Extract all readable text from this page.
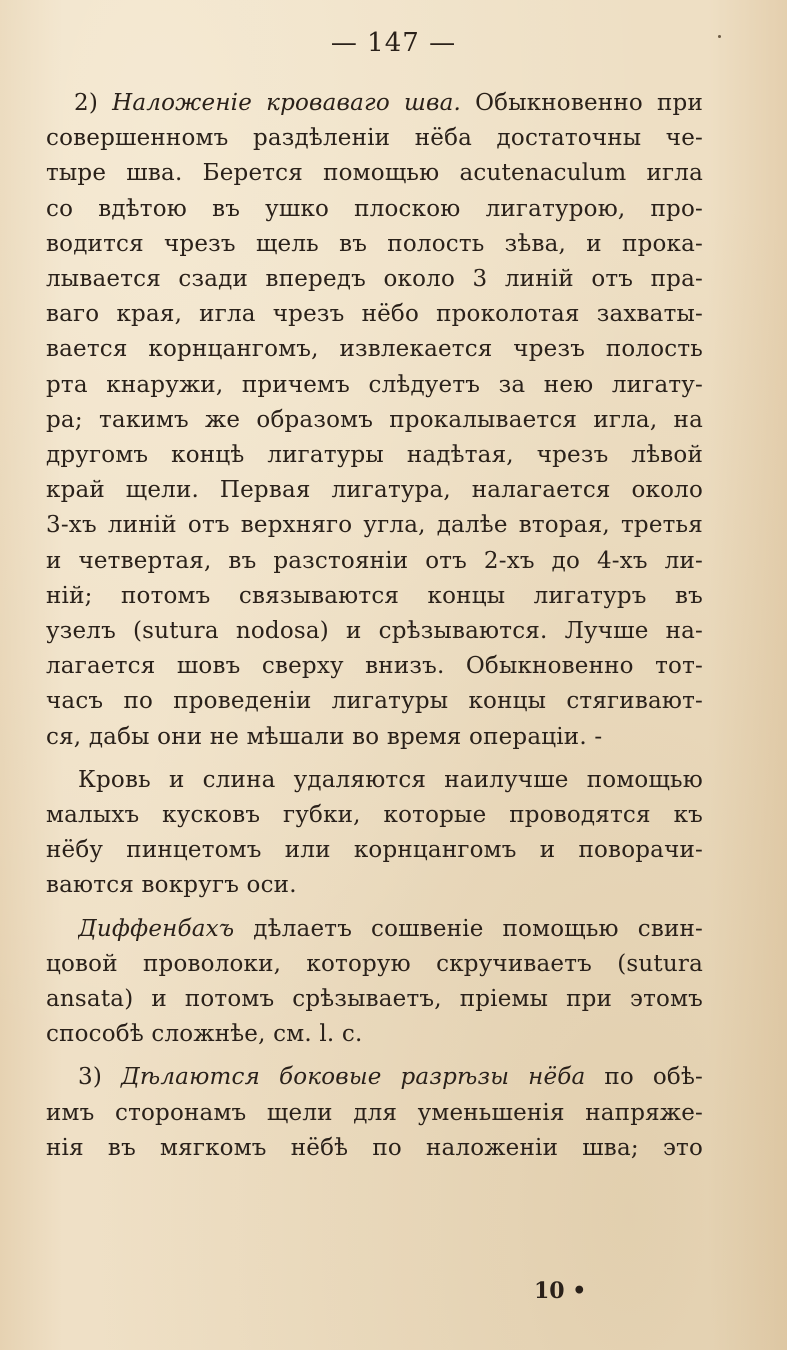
— 147 —
2) Наложенiе кровавагo шва. Обыкновенно при
совершенномъ раздѣленiи нёба достаточны че-
тыре шва. Берется помощью acutenaculum игла
со вдѣтою въ ушко плоскою лигатурою, про-
водится чрезъ щель въ полость зѣва, и прока-
лывается сзади впередъ около 3 линiй отъ пра-
ваго края, игла чрезъ нёбо проколотая захваты-
вается корнцангомъ, извлекается чрезъ полость
рта кнаружи, причемъ слѣдуетъ за нею лигату-
ра; такимъ же образомъ прокалывается игла, на
другомъ концѣ лигатуры надѣтая, чрезъ лѣвой
край щели. Первая лигатура, налагается около
3-хъ линiй отъ верхняго угла, далѣе вторая, третья
и четвертая, въ разстоянiи отъ 2-хъ до 4-хъ ли-
нiй; потомъ связываются концы лигатуръ въ
узелъ (sutura nodosa) и срѣзываются. Лучше на-
лагается шовъ сверху внизъ. Обыкновенно тот-
часъ по проведенiи лигатуры концы стягивают-
ся, дабы они не мѣшали во время операцiи. -
Кровь и слина удаляются наилучше помощью
малыхъ кусковъ губки, которые проводятся къ
нёбу пинцетомъ или корнцангомъ и поворачи-
ваются вокругъ оси.
Диффенбахъ дѣлаетъ сошвенiе помощью свин-
цовой проволоки, которую скручиваетъ (sutura
ansata) и потомъ срѣзываетъ, прiемы при этомъ
способѣ сложнѣе, см. l. c.
3) Дѣлаются боковые разрѣзы нёба по обѣ-
имъ сторонамъ щели для уменьшенiя напряже-
нiя въ мягкомъ нёбѣ по наложенiи шва; это
10 •
